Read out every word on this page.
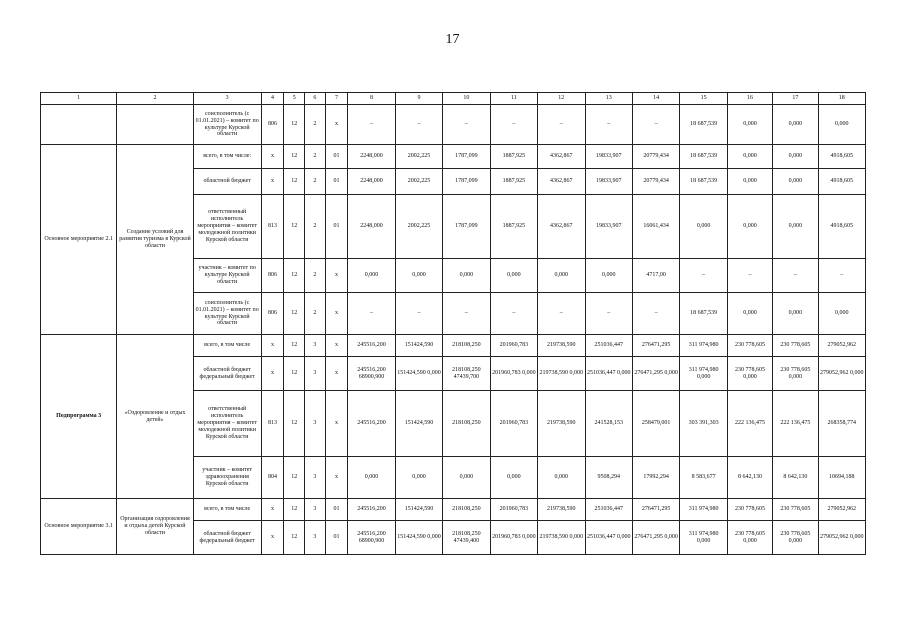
17
1	2	3	4	5	6	7	8	9	10	11	12	13	14	15	16	17	18
		соисполнитель (с 01.01.2021) – комитет по культуре Курской области	806	12	2	x	–	–	–	–	–	–	–	18 687,539	0,000	0,000	0,000
Основное мероприятие 2.1	Создание условий для развития туризма в Курской области	всего, в том числе:	x	12	2	01	2248,000	2002,225	1787,099	1887,925	4362,867	19833,907	20779,434	18 687,539	0,000	0,000	4918,605
		областной бюджет	x	12	2	01	2248,000	2002,225	1787,099	1887,925	4362,867	19833,907	20779,434	18 687,539	0,000	0,000	4918,605
		ответственный исполнитель мероприятия – комитет молодежной политики Курской области	813	12	2	01	2248,000	2002,225	1787,099	1887,925	4362,867	19833,907	16061,434	0,000	0,000	0,000	4918,605
		участник – комитет по культуре Курской области	806	12	2	x	0,000	0,000	0,000	0,000	0,000	0,000	4717,00	–	–	–	–
		соисполнитель (с 01.01.2021) – комитет по культуре Курской области	806	12	2	x	–	–	–	–	–	–	–	18 687,539	0,000	0,000	0,000
Подпрограмма 3	«Оздоровление и отдых детей»	всего, в том числе	x	12	3	x	245516,200	151424,590	218108,250	201960,783	219738,590	251036,447	276471,295	311 974,980	230 778,605	230 778,605	279052,962
		областной бюджет федеральный бюджет	x	12	3	x	245516,200 68900,900	151424,590 0,000	218108,250 47439,700	201960,783 0,000	219738,590 0,000	251036,447 0,000	276471,295 0,000	311 974,980 0,000	230 778,605 0,000	230 778,605 0,000	279052,962 0,000
		ответственный исполнитель мероприятия – комитет молодежной политики Курской области	813	12	3	x	245516,200	151424,590	218108,250	201960,783	219738,590	241528,153	258479,001	303 391,303	222 136,475	222 136,475	268358,774
		участник – комитет здравоохранения Курской области	804	12	3	x	0,000	0,000	0,000	0,000	0,000	9508,294	17992,294	8 583,677	8 642,130	8 642,130	10694,188
Основное мероприятие 3.1	Организация оздоровления и отдыха детей Курской области	всего, в том числе	x	12	3	01	245516,200	151424,590	218108,250	201960,783	219738,590	251036,447	276471,295	311 974,980	230 778,605	230 778,605	279052,962
		областной бюджет федеральный бюджет	x	12	3	01	245516,200 68900,900	151424,590 0,000	218108,250 47439,400	201960,783 0,000	219738,590 0,000	251036,447 0,000	276471,295 0,000	311 974,980 0,000	230 778,605 0,000	230 778,605 0,000	279052,962 0,000
